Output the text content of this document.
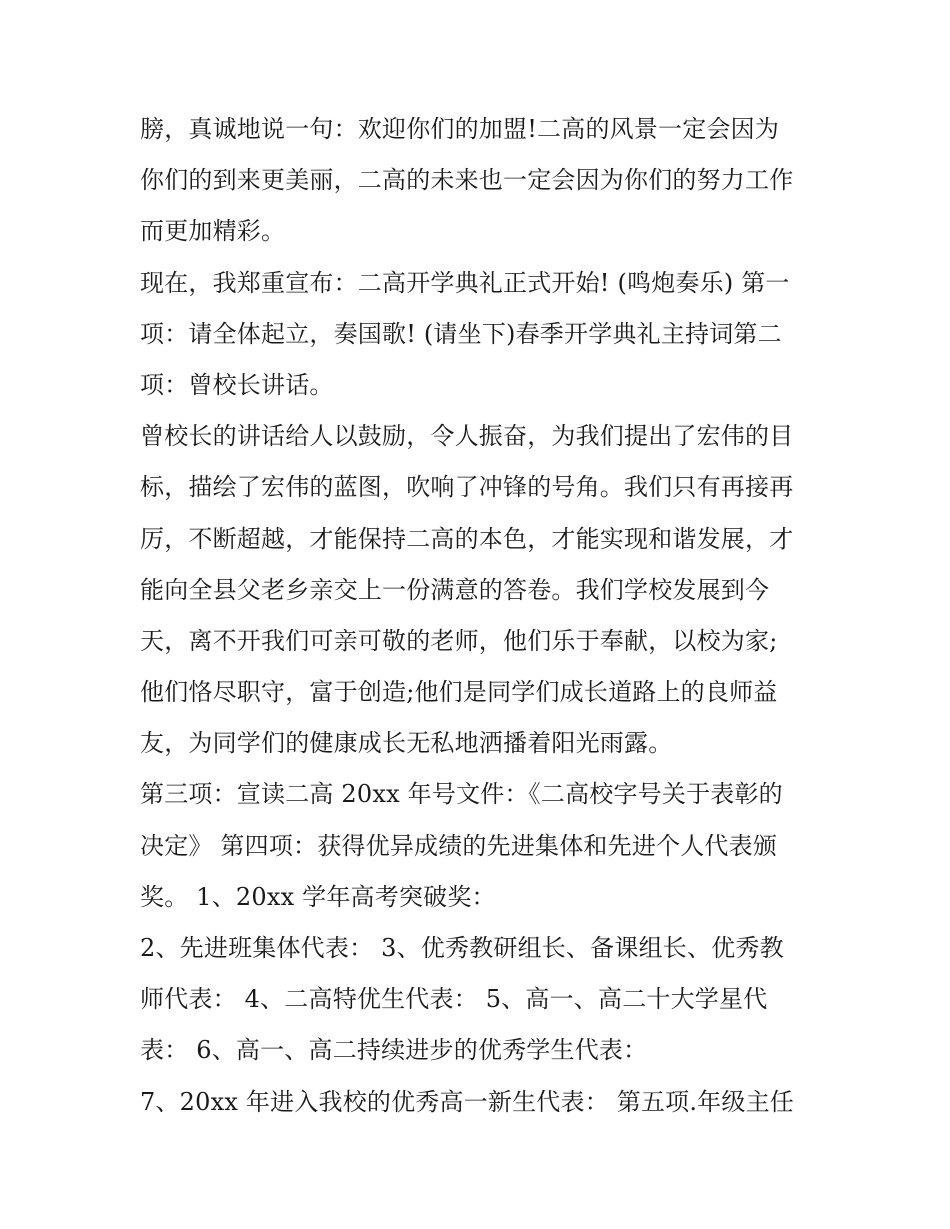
膀，真诚地说一句：欢迎你们的加盟!二高的风景一定会因为
你们的到来更美丽，二高的未来也一定会因为你们的努力工作
而更加精彩。
现在，我郑重宣布：二高开学典礼正式开始! (鸣炮奏乐) 第一
项：请全体起立，奏国歌! (请坐下)春季开学典礼主持词第二
项：曾校长讲话。
曾校长的讲话给人以鼓励，令人振奋，为我们提出了宏伟的目
标，描绘了宏伟的蓝图，吹响了冲锋的号角。我们只有再接再
厉，不断超越，才能保持二高的本色，才能实现和谐发展，才
能向全县父老乡亲交上一份满意的答卷。我们学校发展到今
天，离不开我们可亲可敬的老师，他们乐于奉献，以校为家;
他们恪尽职守，富于创造;他们是同学们成长道路上的良师益
友，为同学们的健康成长无私地洒播着阳光雨露。
第三项：宣读二高 20xx 年号文件：《二高校字号关于表彰的
决定》 第四项：获得优异成绩的先进集体和先进个人代表颁
奖。 1、20xx 学年高考突破奖：
2、先进班集体代表： 3、优秀教研组长、备课组长、优秀教
师代表： 4、二高特优生代表： 5、高一、高二十大学星代
表： 6、高一、高二持续进步的优秀学生代表：
7、20xx 年进入我校的优秀高一新生代表： 第五项.年级主任
